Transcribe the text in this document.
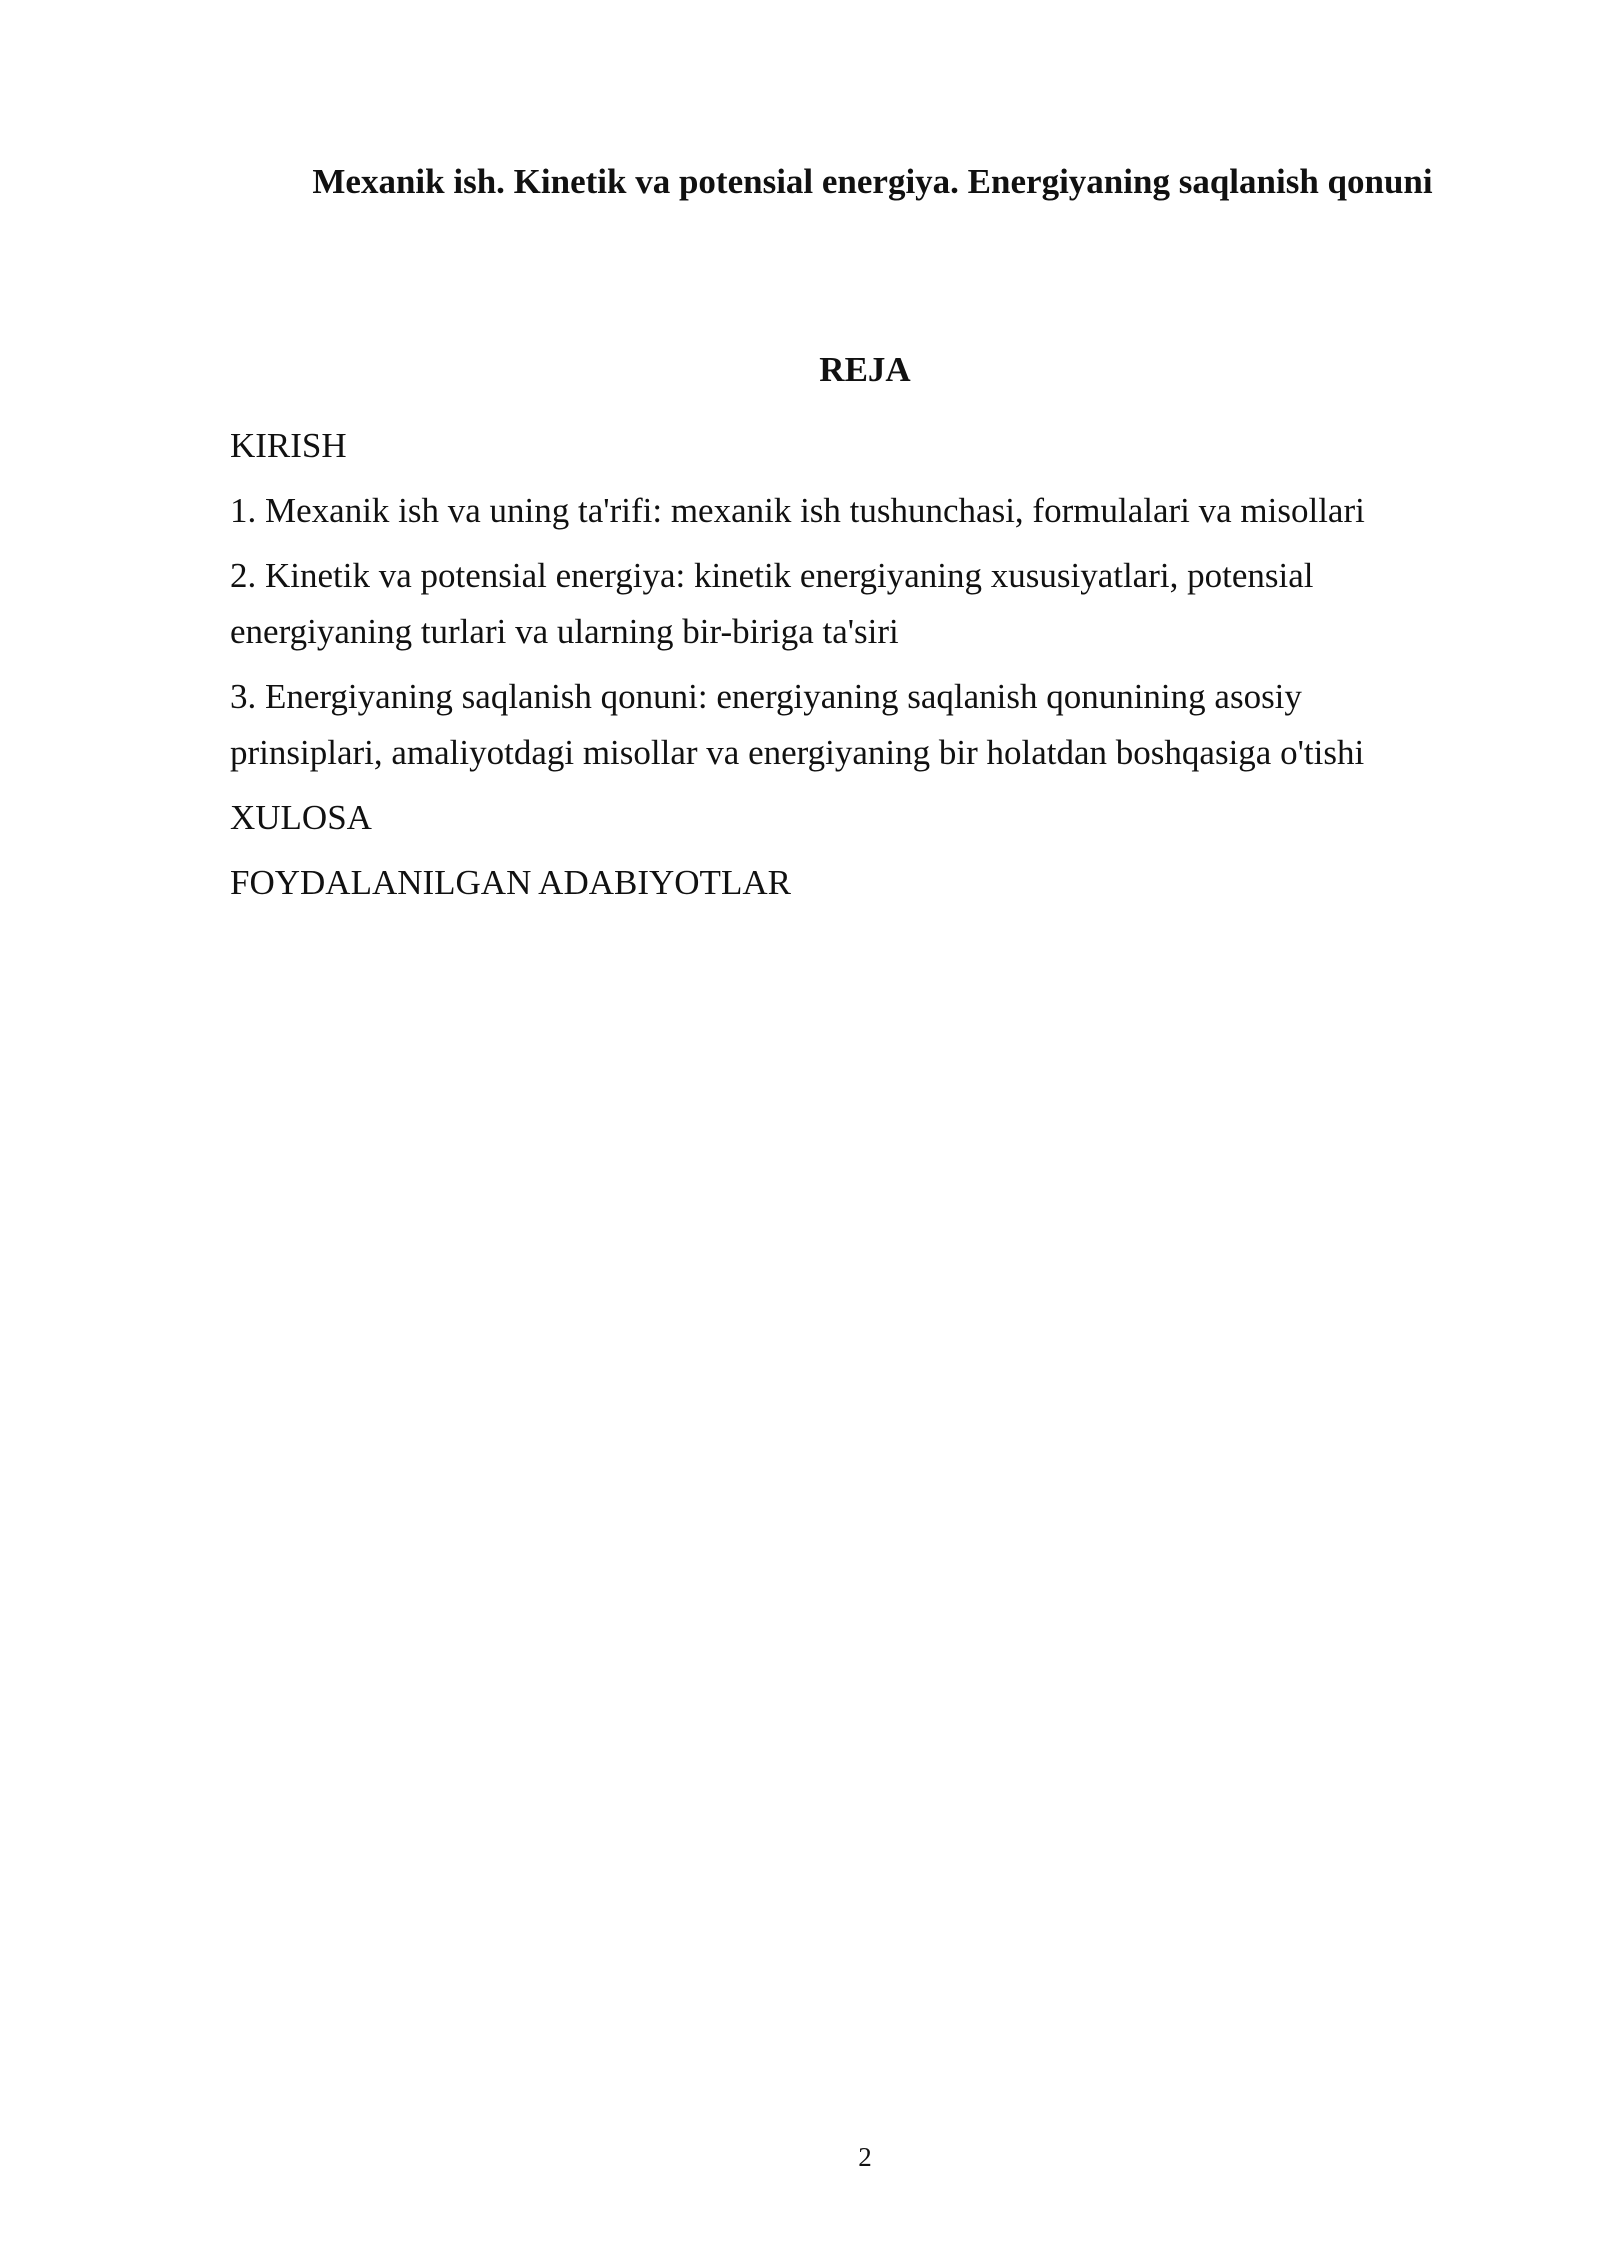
Mexanik ish. Kinetik va potensial energiya. Energiyaning saqlanish qonuni
REJA
KIRISH
1. Mexanik ish va uning ta'rifi: mexanik ish tushunchasi, formulalari va misollari
2. Kinetik va potensial energiya: kinetik energiyaning xususiyatlari, potensial
energiyaning turlari va ularning bir-biriga ta'siri
3. Energiyaning saqlanish qonuni: energiyaning saqlanish qonunining asosiy
prinsiplari, amaliyotdagi misollar va energiyaning bir holatdan boshqasiga o'tishi
XULOSA
FOYDALANILGAN ADABIYOTLAR
2
